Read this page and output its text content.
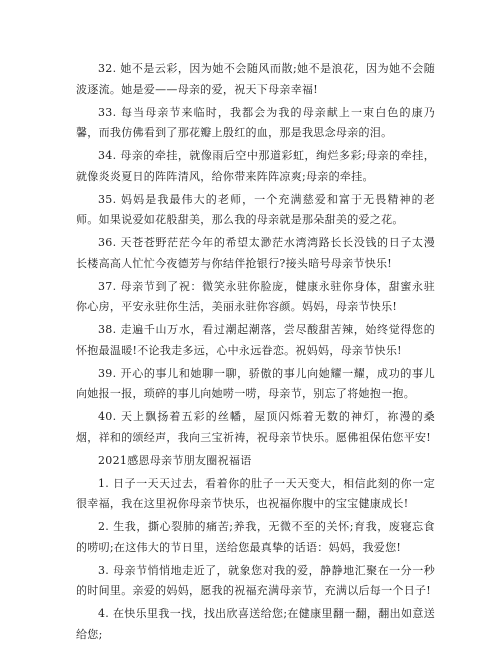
32. 她不是云彩，因为她不会随风而散;她不是浪花，因为她不会随波逐流。她是爱——母亲的爱，祝天下母亲幸福!

33. 每当母亲节来临时，我都会为我的母亲献上一束白色的康乃馨，而我仿佛看到了那花瓣上殷红的血，那是我思念母亲的泪。

34. 母亲的牵挂，就像雨后空中那道彩虹，绚烂多彩;母亲的牵挂，就像炎炎夏日的阵阵清风，给你带来阵阵凉爽;母亲的牵挂。

35. 妈妈是我最伟大的老师，一个充满慈爱和富于无畏精神的老师。如果说爱如花般甜美，那么我的母亲就是那朵甜美的爱之花。

36. 天苍苍野茫茫今年的希望太渺茫水湾湾路长长没钱的日子太漫长楼高高人忙忙今夜德芳与你结伴抢银行?接头暗号母亲节快乐!

37. 母亲节到了祝：微笑永驻你脸庞，健康永驻你身体，甜蜜永驻你心房，平安永驻你生活，美丽永驻你容颜。妈妈，母亲节快乐!

38. 走遍千山万水，看过潮起潮落，尝尽酸甜苦辣，始终觉得您的怀抱最温暖!不论我走多远，心中永远眷恋。祝妈妈，母亲节快乐!

39. 开心的事儿和她聊一聊，骄傲的事儿向她耀一耀，成功的事儿向她报一报，琐碎的事儿向她唠一唠，母亲节，别忘了将她抱一抱。

40. 天上飘扬着五彩的丝幡，屋顶闪烁着无数的神灯，祢漫的桑烟，祥和的颂经声，我向三宝祈祷，祝母亲节快乐。愿佛祖保佑您平安!

2021感恩母亲节朋友圈祝福语

1. 日子一天天过去，看着你的肚子一天天变大，相信此刻的你一定很幸福，我在这里祝你母亲节快乐，也祝福你腹中的宝宝健康成长!

2. 生我，撕心裂肺的痛苦;养我，无微不至的关怀;育我，废寝忘食的唠叨;在这伟大的节日里，送给您最真挚的话语：妈妈，我爱您!

3. 母亲节悄悄地走近了，就象您对我的爱，静静地汇聚在一分一秒的时间里。亲爱的妈妈，愿我的祝福充满母亲节，充满以后每一个日子!

4. 在快乐里我一找，找出欣喜送给您;在健康里翻一翻，翻出如意送给您;
